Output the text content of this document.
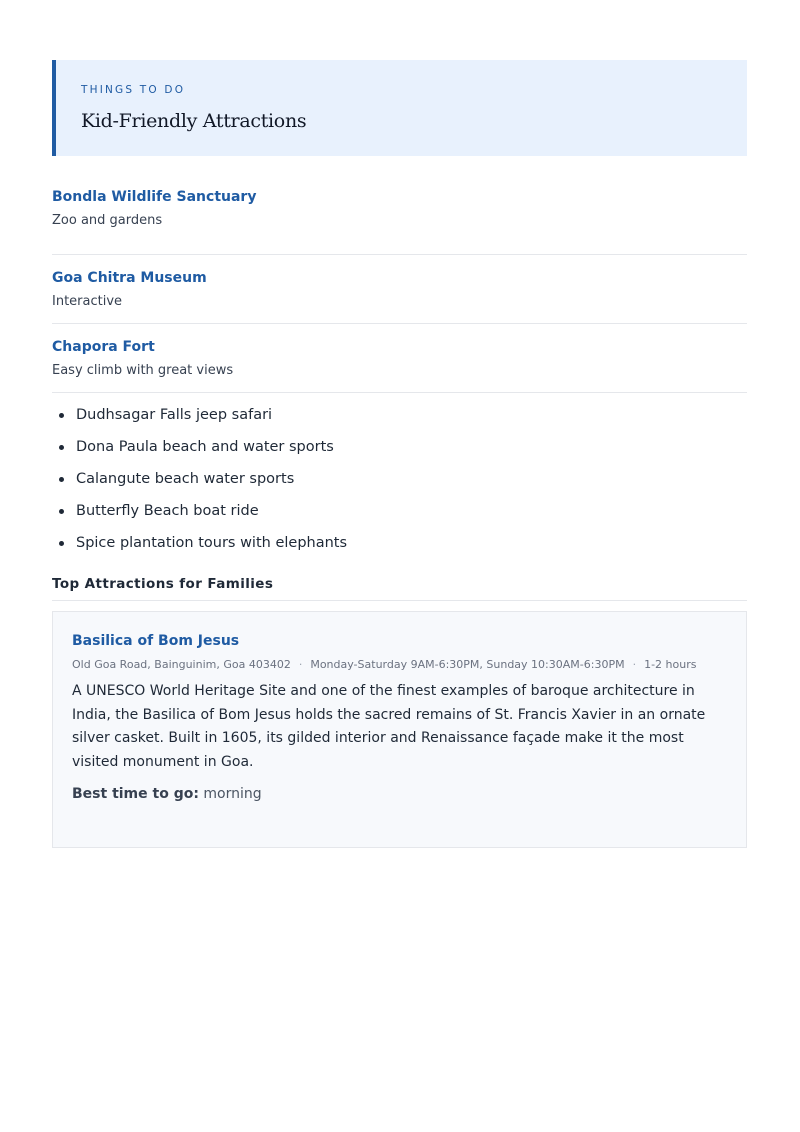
THINGS TO DO
Kid-Friendly Attractions
Bondla Wildlife Sanctuary
Zoo and gardens
Goa Chitra Museum
Interactive
Chapora Fort
Easy climb with great views
Dudhsagar Falls jeep safari
Dona Paula beach and water sports
Calangute beach water sports
Butterfly Beach boat ride
Spice plantation tours with elephants
Top Attractions for Families
Basilica of Bom Jesus
Old Goa Road, Bainguinim, Goa 403402 · Monday-Saturday 9AM-6:30PM, Sunday 10:30AM-6:30PM · 1-2 hours
A UNESCO World Heritage Site and one of the finest examples of baroque architecture in India, the Basilica of Bom Jesus holds the sacred remains of St. Francis Xavier in an ornate silver casket. Built in 1605, its gilded interior and Renaissance façade make it the most visited monument in Goa.
Best time to go: morning
